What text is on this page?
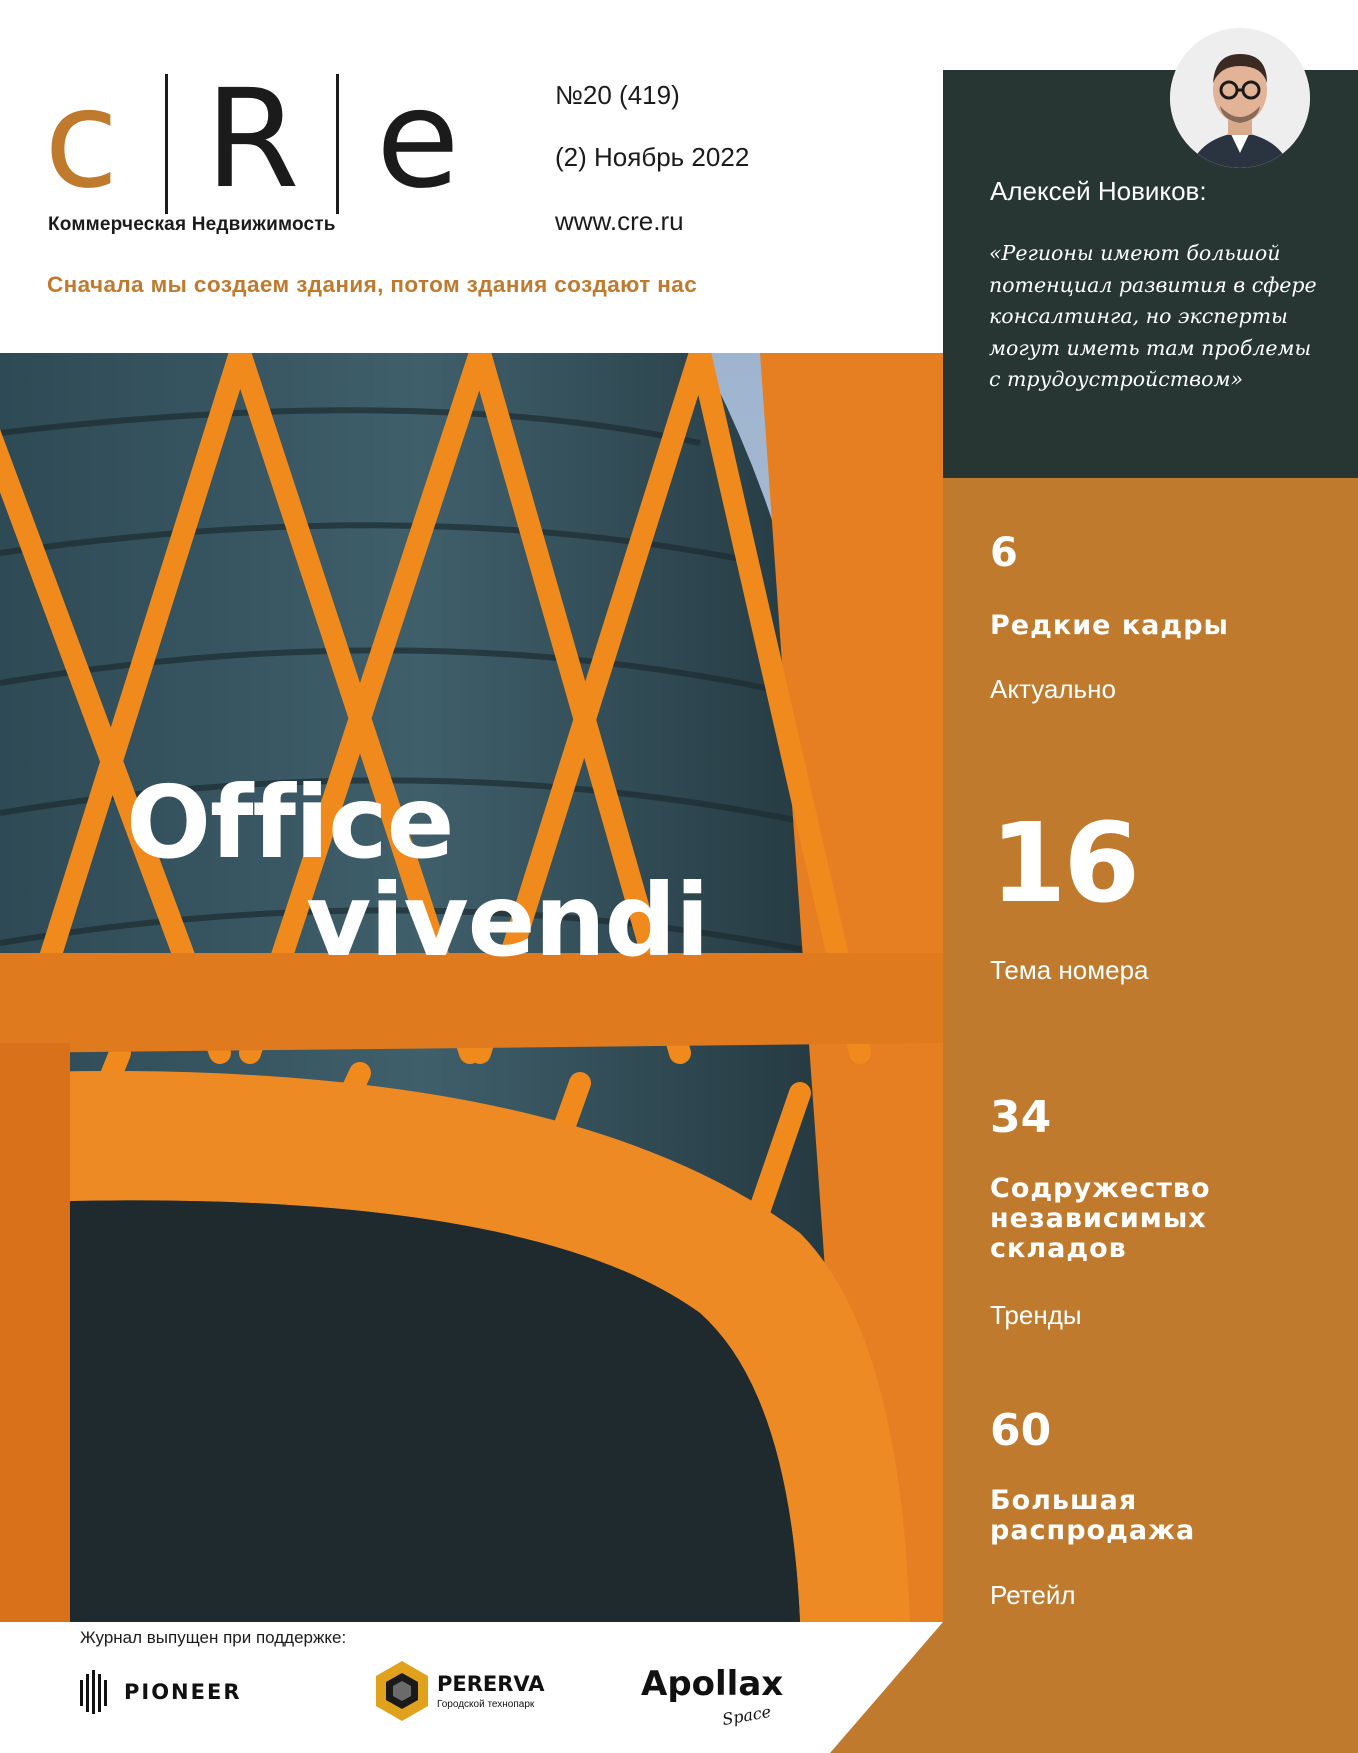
c R e
Коммерческая Недвижимость
№20 (419)
(2) Ноябрь 2022
www.cre.ru
Сначала мы создаем здания, потом здания создают нас
Office
vivendi
Алексей Новиков:
«Регионы имеют большой потенциал развития в сфере консалтинга, но эксперты могут иметь там проблемы с трудоустройством»
6
Редкие кадры
Актуально
16
Тема номера
34
Содружество независимых складов
Тренды
60
Большая распродажа
Ретейл
Журнал выпущен при поддержке:
PIONEER	PERERVA
Городской технопарк
Apollax
Space
